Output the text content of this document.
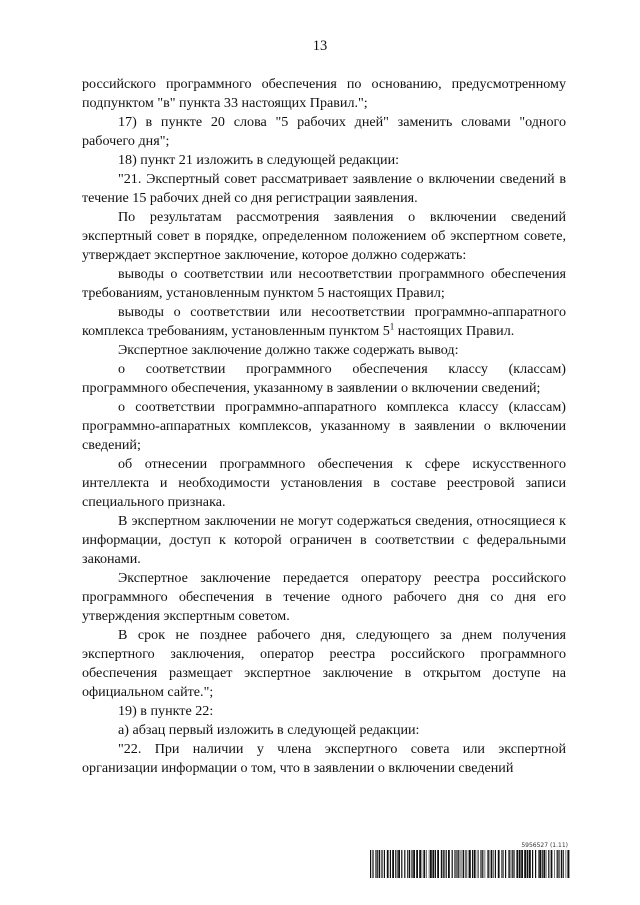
13

российского программного обеспечения по основанию, предусмотренному подпунктом "в" пункта 33 настоящих Правил.";

17) в пункте 20 слова "5 рабочих дней" заменить словами "одного рабочего дня";

18) пункт 21 изложить в следующей редакции:

"21. Экспертный совет рассматривает заявление о включении сведений в течение 15 рабочих дней со дня регистрации заявления.

По результатам рассмотрения заявления о включении сведений экспертный совет в порядке, определенном положением об экспертном совете, утверждает экспертное заключение, которое должно содержать:

выводы о соответствии или несоответствии программного обеспечения требованиям, установленным пунктом 5 настоящих Правил;

выводы о соответствии или несоответствии программно-аппаратного комплекса требованиям, установленным пунктом $5^1$ настоящих Правил.

Экспертное заключение должно также содержать вывод:

о соответствии программного обеспечения классу (классам) программного обеспечения, указанному в заявлении о включении сведений;

о соответствии программно-аппаратного комплекса классу (классам) программно-аппаратных комплексов, указанному в заявлении о включении сведений;

об отнесении программного обеспечения к сфере искусственного интеллекта и необходимости установления в составе реестровой записи специального признака.

В экспертном заключении не могут содержаться сведения, относящиеся к информации, доступ к которой ограничен в соответствии с федеральными законами.

Экспертное заключение передается оператору реестра российского программного обеспечения в течение одного рабочего дня со дня его утверждения экспертным советом.

В срок не позднее рабочего дня, следующего за днем получения экспертного заключения, оператор реестра российского программного обеспечения размещает экспертное заключение в открытом доступе на официальном сайте.";

19) в пункте 22:

а) абзац первый изложить в следующей редакции:

"22. При наличии у члена экспертного совета или экспертной организации информации о том, что в заявлении о включении сведений

5956527 (1.11)
